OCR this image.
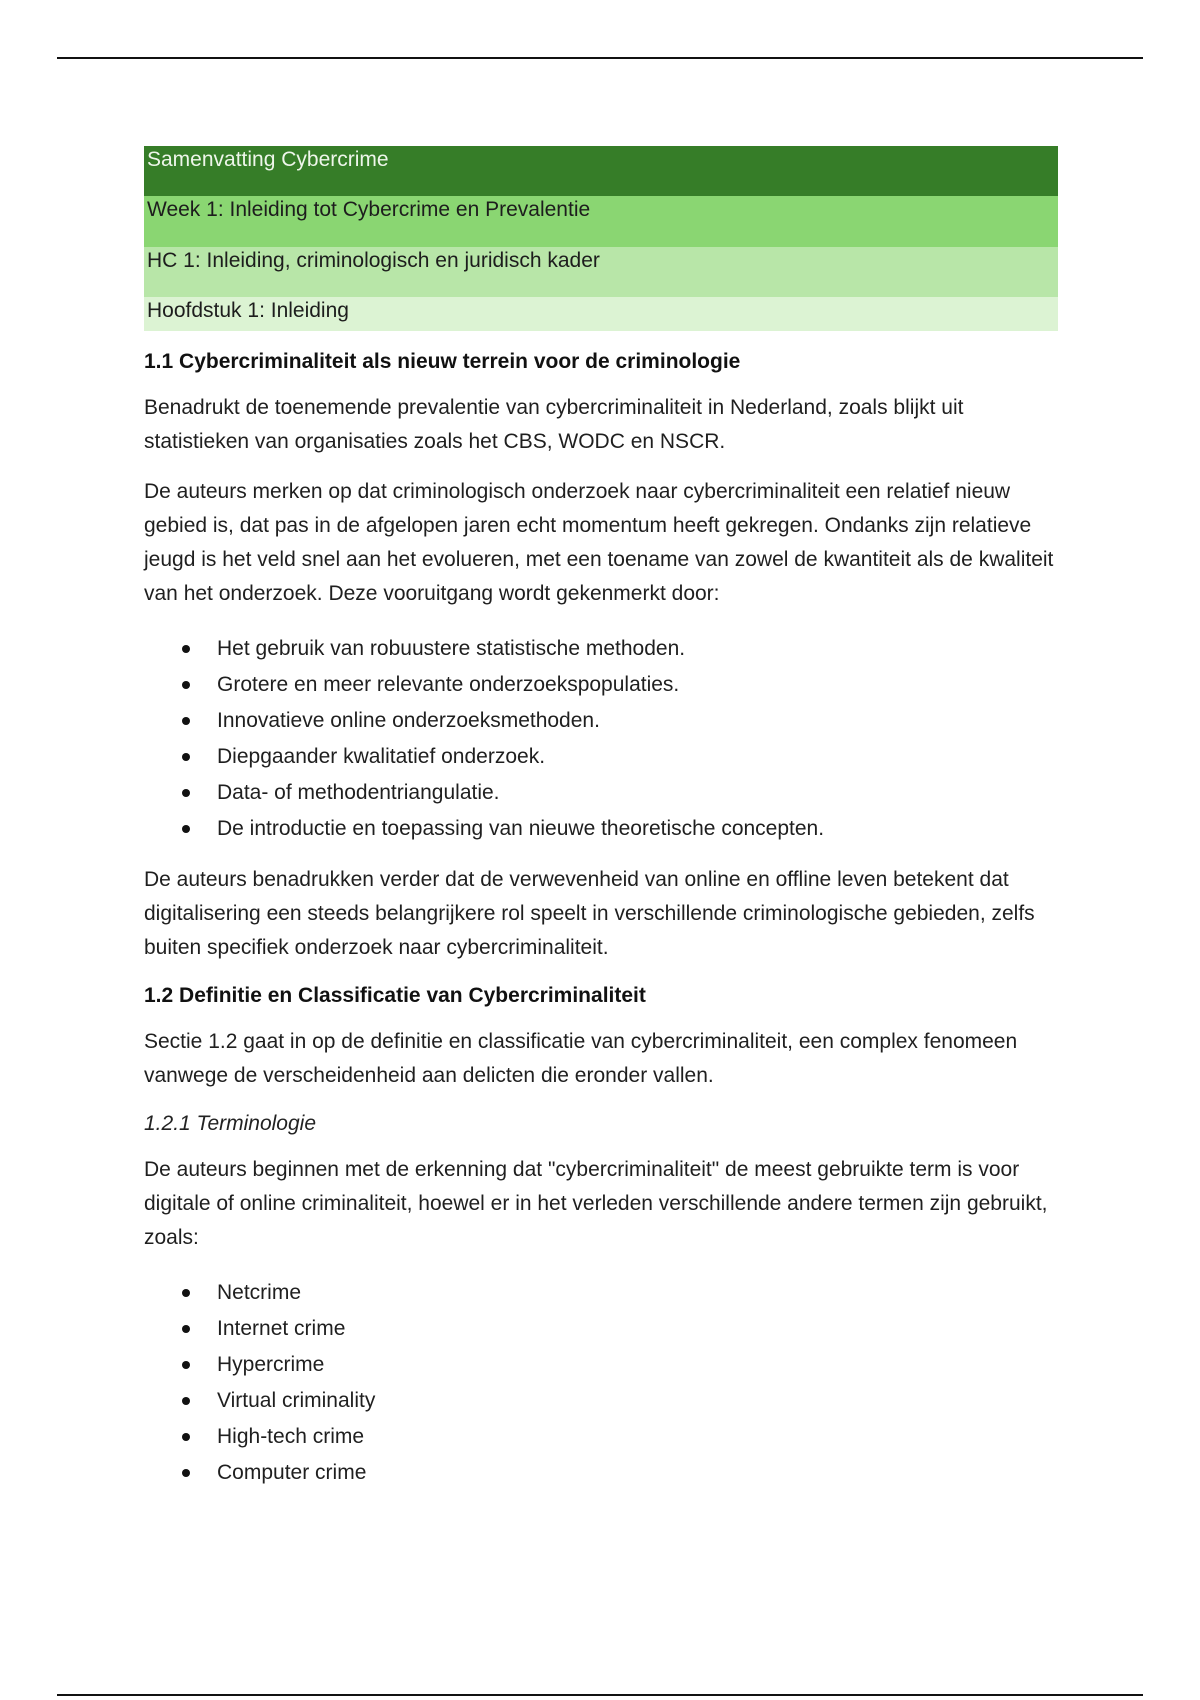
Samenvatting Cybercrime
Week 1: Inleiding tot Cybercrime en Prevalentie
HC 1: Inleiding, criminologisch en juridisch kader
Hoofdstuk 1: Inleiding
1.1 Cybercriminaliteit als nieuw terrein voor de criminologie

Benadrukt de toenemende prevalentie van cybercriminaliteit in Nederland, zoals blijkt uit statistieken van organisaties zoals het CBS, WODC en NSCR.

De auteurs merken op dat criminologisch onderzoek naar cybercriminaliteit een relatief nieuw gebied is, dat pas in de afgelopen jaren echt momentum heeft gekregen. Ondanks zijn relatieve jeugd is het veld snel aan het evolueren, met een toename van zowel de kwantiteit als de kwaliteit van het onderzoek. Deze vooruitgang wordt gekenmerkt door:

Het gebruik van robuustere statistische methoden.
Grotere en meer relevante onderzoekspopulaties.
Innovatieve online onderzoeksmethoden.
Diepgaander kwalitatief onderzoek.
Data- of methodentriangulatie.
De introductie en toepassing van nieuwe theoretische concepten.

De auteurs benadrukken verder dat de verwevenheid van online en offline leven betekent dat digitalisering een steeds belangrijkere rol speelt in verschillende criminologische gebieden, zelfs buiten specifiek onderzoek naar cybercriminaliteit.

1.2 Definitie en Classificatie van Cybercriminaliteit

Sectie 1.2 gaat in op de definitie en classificatie van cybercriminaliteit, een complex fenomeen vanwege de verscheidenheid aan delicten die eronder vallen.

1.2.1 Terminologie

De auteurs beginnen met de erkenning dat "cybercriminaliteit" de meest gebruikte term is voor digitale of online criminaliteit, hoewel er in het verleden verschillende andere termen zijn gebruikt, zoals:

Netcrime
Internet crime
Hypercrime
Virtual criminality
High-tech crime
Computer crime
